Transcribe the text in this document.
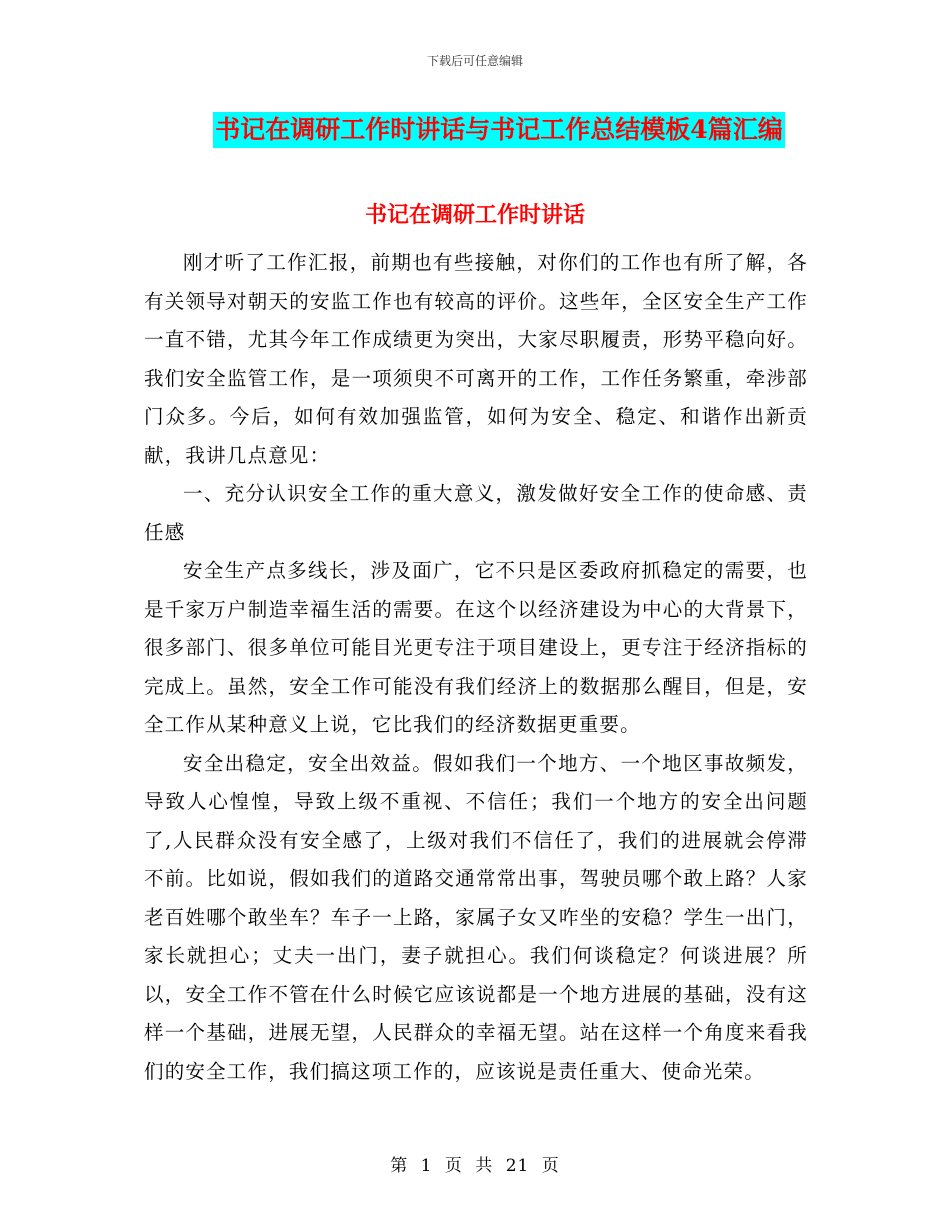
下载后可任意编辑
书记在调研工作时讲话与书记工作总结模板4篇汇编
书记在调研工作时讲话

刚才听了工作汇报，前期也有些接触，对你们的工作也有所了解，各有关领导对朝天的安监工作也有较高的评价。这些年，全区安全生产工作一直不错，尤其今年工作成绩更为突出，大家尽职履责，形势平稳向好。我们安全监管工作，是一项须臾不可离开的工作，工作任务繁重，牵涉部门众多。今后，如何有效加强监管，如何为安全、稳定、和谐作出新贡献，我讲几点意见：

一、充分认识安全工作的重大意义，激发做好安全工作的使命感、责任感

安全生产点多线长，涉及面广，它不只是区委政府抓稳定的需要，也是千家万户制造幸福生活的需要。在这个以经济建设为中心的大背景下，很多部门、很多单位可能目光更专注于项目建设上，更专注于经济指标的完成上。虽然，安全工作可能没有我们经济上的数据那么醒目，但是，安全工作从某种意义上说，它比我们的经济数据更重要。

安全出稳定，安全出效益。假如我们一个地方、一个地区事故频发，导致人心惶惶，导致上级不重视、不信任；我们一个地方的安全出问题了,人民群众没有安全感了，上级对我们不信任了，我们的进展就会停滞不前。比如说，假如我们的道路交通常常出事，驾驶员哪个敢上路？人家老百姓哪个敢坐车？车子一上路，家属子女又咋坐的安稳？学生一出门，家长就担心；丈夫一出门，妻子就担心。我们何谈稳定？何谈进展？所以，安全工作不管在什么时候它应该说都是一个地方进展的基础，没有这样一个基础，进展无望，人民群众的幸福无望。站在这样一个角度来看我们的安全工作，我们搞这项工作的，应该说是责任重大、使命光荣。

第 1 页 共 21 页
